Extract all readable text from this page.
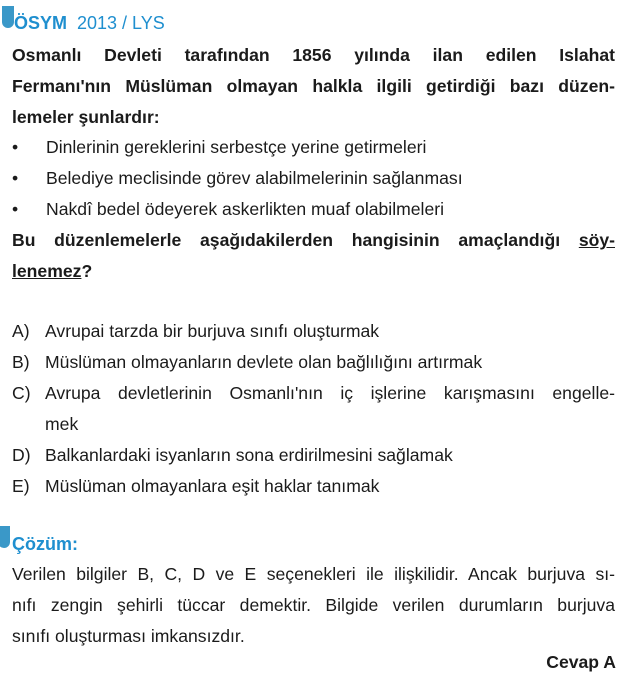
ÖSYM 2013 / LYS
Osmanlı Devleti tarafından 1856 yılında ilan edilen Islahat
Fermanı'nın Müslüman olmayan halkla ilgili getirdiği bazı düzen-
lemeler şunlardır:
• Dinlerinin gereklerini serbestçe yerine getirmeleri
• Belediye meclisinde görev alabilmelerinin sağlanması
• Nakdî bedel ödeyerek askerlikten muaf olabilmeleri
Bu düzenlemelerle aşağıdakilerden hangisinin amaçlandığı söy-
lenemez?
A) Avrupai tarzda bir burjuva sınıfı oluşturmak
B) Müslüman olmayanların devlete olan bağlılığını artırmak
C) Avrupa devletlerinin Osmanlı'nın iç işlerine karışmasını engelle-
mek
D) Balkanlardaki isyanların sona erdirilmesini sağlamak
E) Müslüman olmayanlara eşit haklar tanımak
Çözüm:
Verilen bilgiler B, C, D ve E seçenekleri ile ilişkilidir. Ancak burjuva sı-
nıfı zengin şehirli tüccar demektir. Bilgide verilen durumların burjuva
sınıfı oluşturması imkansızdır.
Cevap A
